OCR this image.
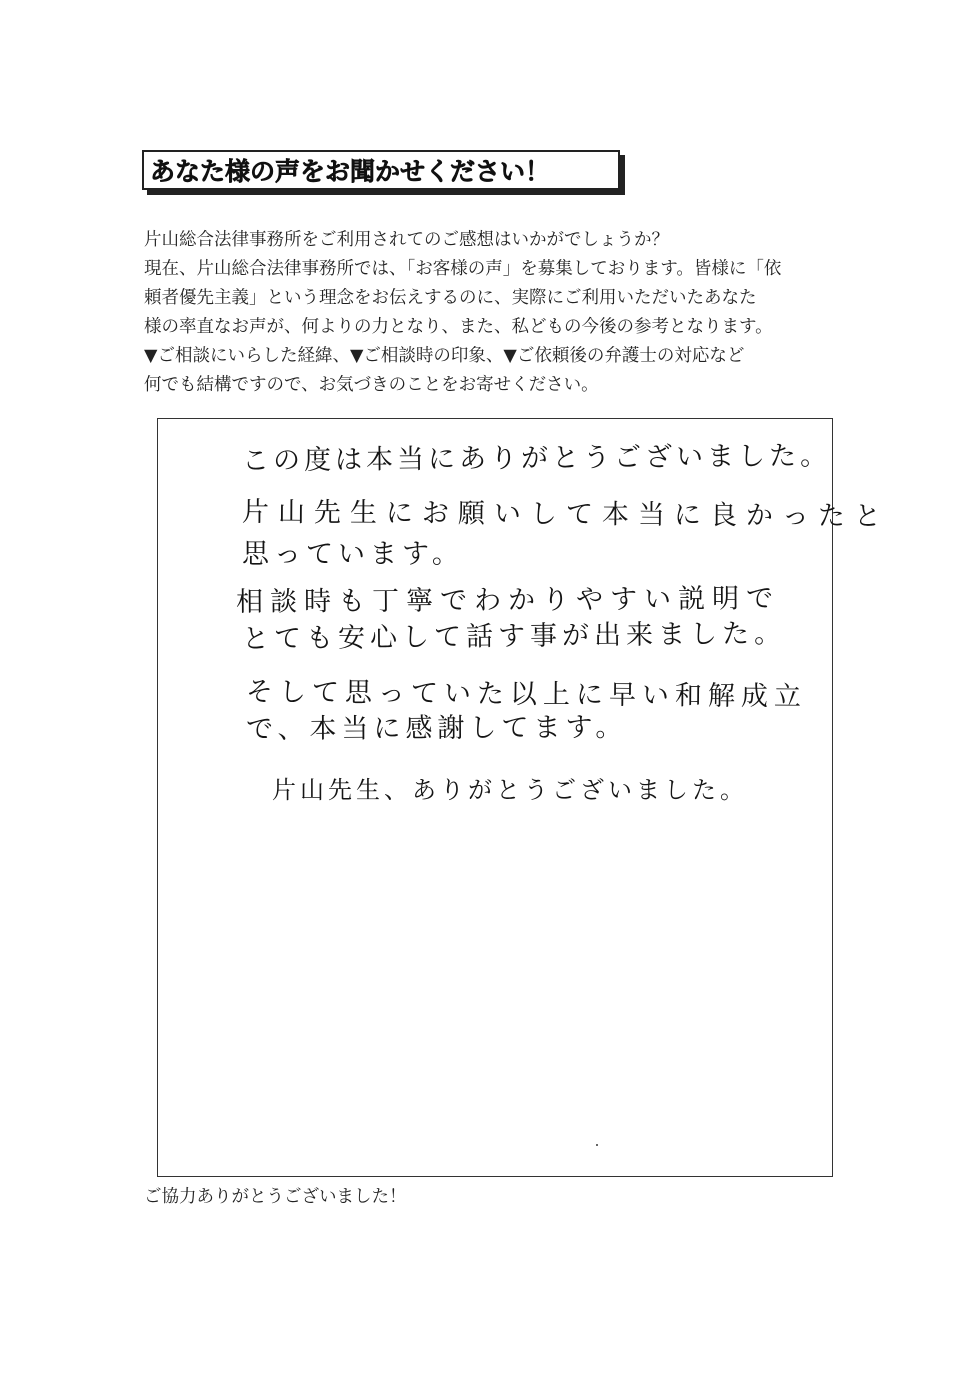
あなた様の声をお聞かせください！
片山総合法律事務所をご利用されてのご感想はいかがでしょうか？
現在、片山総合法律事務所では、「お客様の声」を募集しております。皆様に「依
頼者優先主義」という理念をお伝えするのに、実際にご利用いただいたあなた
様の率直なお声が、何よりの力となり、また、私どもの今後の参考となります。
▼ご相談にいらした経緯、▼ご相談時の印象、▼ご依頼後の弁護士の対応など
何でも結構ですので、お気づきのことをお寄せください。
この度は本当にありがとうございました。
片山先生にお願いして本当に良かったと
思っています。
相談時も丁寧でわかりやすい説明で
とても安心して話す事が出来ました。
そして思っていた以上に早い和解成立
で、本当に感謝してます。
片山先生、ありがとうございました。
ご協力ありがとうございました！
